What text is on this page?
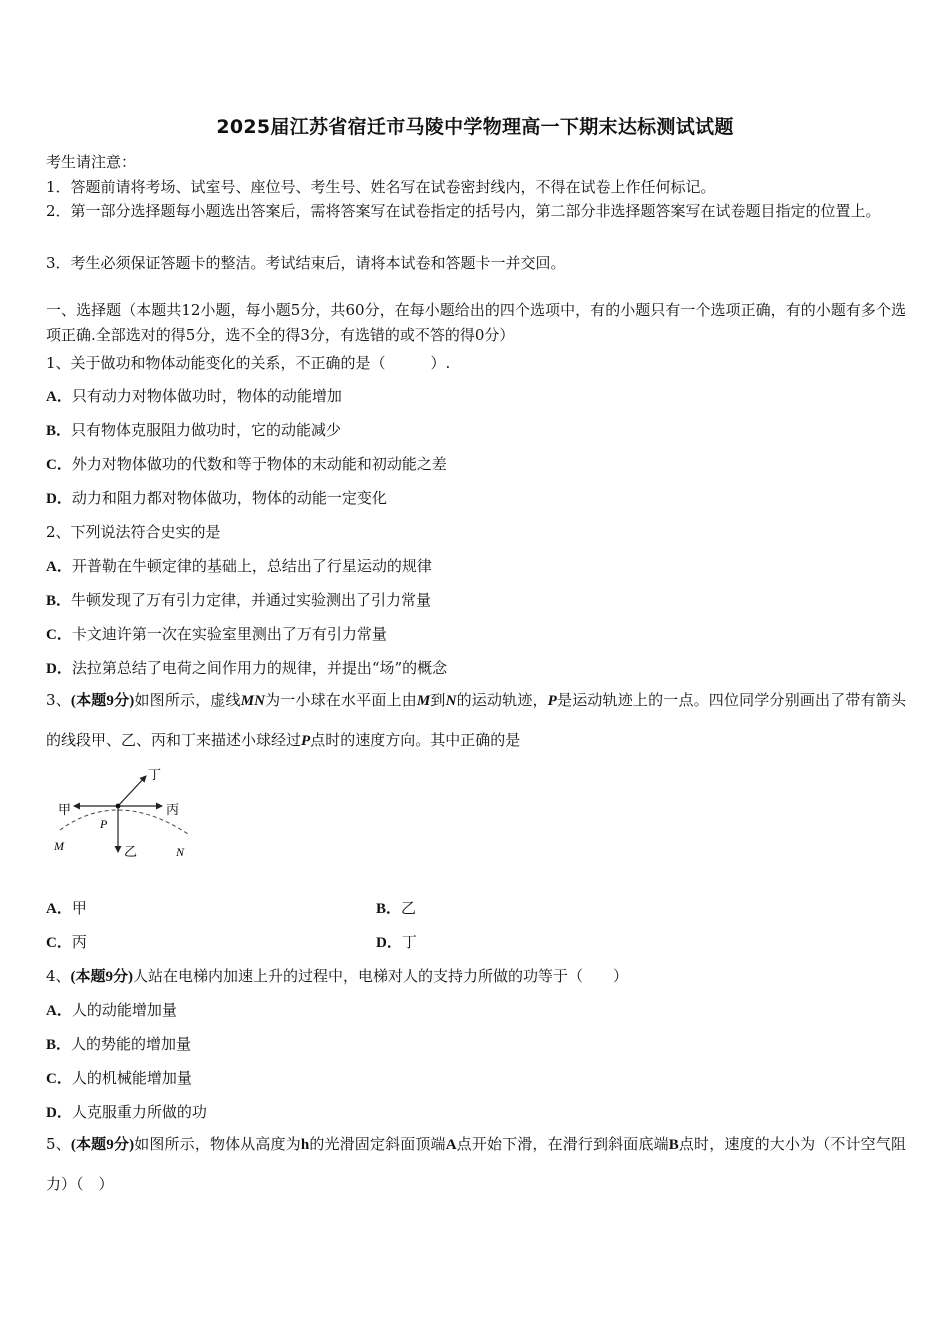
2025届江苏省宿迁市马陵中学物理高一下期末达标测试试题
考生请注意：
1．答题前请将考场、试室号、座位号、考生号、姓名写在试卷密封线内，不得在试卷上作任何标记。
2．第一部分选择题每小题选出答案后，需将答案写在试卷指定的括号内，第二部分非选择题答案写在试卷题目指定的位置上。
3．考生必须保证答题卡的整洁。考试结束后，请将本试卷和答题卡一并交回。
一、选择题（本题共12小题，每小题5分，共60分，在每小题给出的四个选项中，有的小题只有一个选项正确，有的小题有多个选项正确.全部选对的得5分，选不全的得3分，有选错的或不答的得0分）
1、关于做功和物体动能变化的关系，不正确的是（　　　）.
A．只有动力对物体做功时，物体的动能增加
B．只有物体克服阻力做功时，它的动能减少
C．外力对物体做功的代数和等于物体的末动能和初动能之差
D．动力和阻力都对物体做功，物体的动能一定变化
2、下列说法符合史实的是
A．开普勒在牛顿定律的基础上，总结出了行星运动的规律
B．牛顿发现了万有引力定律，并通过实验测出了引力常量
C．卡文迪许第一次在实验室里测出了万有引力常量
D．法拉第总结了电荷之间作用力的规律，并提出“场”的概念
3、(本题9分)如图所示，虚线MN为一小球在水平面上由M到N的运动轨迹，P是运动轨迹上的一点。四位同学分别画出了带有箭头的线段甲、乙、丙和丁来描述小球经过P点时的速度方向。其中正确的是
甲	丙
丁
乙
P
M	N
A．甲	B．乙
C．丙	D．丁
4、(本题9分)人站在电梯内加速上升的过程中，电梯对人的支持力所做的功等于（　　）
A．人的动能增加量
B．人的势能的增加量
C．人的机械能增加量
D．人克服重力所做的功
5、(本题9分)如图所示，物体从高度为h的光滑固定斜面顶端A点开始下滑，在滑行到斜面底端B点时，速度的大小为（不计空气阻力）（　）
